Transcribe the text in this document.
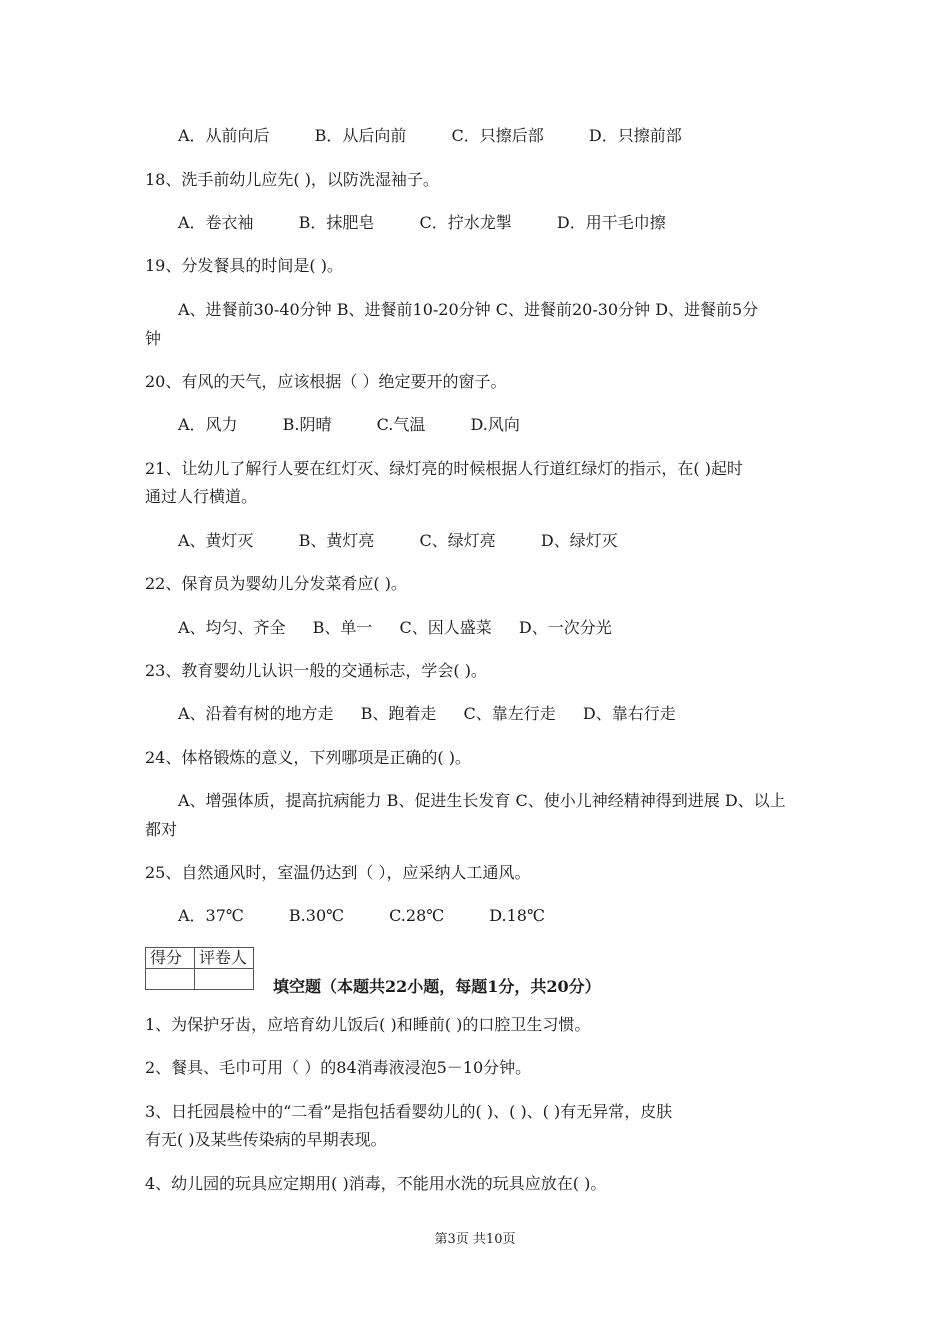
A．从前向后	B．从后向前	C．只擦后部	D．只擦前部
18、洗手前幼儿应先( )，以防洗湿袖子。
A．卷衣袖	B．抹肥皂	C．拧水龙掣	D．用干毛巾擦
19、分发餐具的时间是( )。
A、进餐前30-40分钟 B、进餐前10-20分钟 C、进餐前20-30分钟 D、进餐前5分
钟
20、有风的天气，应该根据（ ）绝定要开的窗子。
A．风力	B.阴晴	C.气温	D.风向
21、让幼儿了解行人要在红灯灭、绿灯亮的时候根据人行道红绿灯的指示，在( )起时
通过人行横道。
A、黄灯灭	B、黄灯亮	C、绿灯亮	D、绿灯灭
22、保育员为婴幼儿分发菜肴应( )。
A、均匀、齐全 B、单一 C、因人盛菜 D、一次分光
23、教育婴幼儿认识一般的交通标志，学会( )。
A、沿着有树的地方走 B、跑着走 C、靠左行走 D、靠右行走
24、体格锻炼的意义，下列哪项是正确的( )。
A、增强体质，提高抗病能力 B、促进生长发育 C、使小儿神经精神得到进展 D、以上
都对
25、自然通风时，室温仍达到（ ），应采纳人工通风。
A．37℃	B.30℃	C.28℃	D.18℃
得分	评卷人

填空题（本题共22小题，每题1分，共20分）
1、为保护牙齿，应培育幼儿饭后( )和睡前( )的口腔卫生习惯。
2、餐具、毛巾可用（ ）的84消毒液浸泡5－10分钟。
3、日托园晨检中的“二看”是指包括看婴幼儿的( )、( )、( )有无异常，皮肤
有无( )及某些传染病的早期表现。
4、幼儿园的玩具应定期用( )消毒，不能用水洗的玩具应放在( )。
第3页 共10页
